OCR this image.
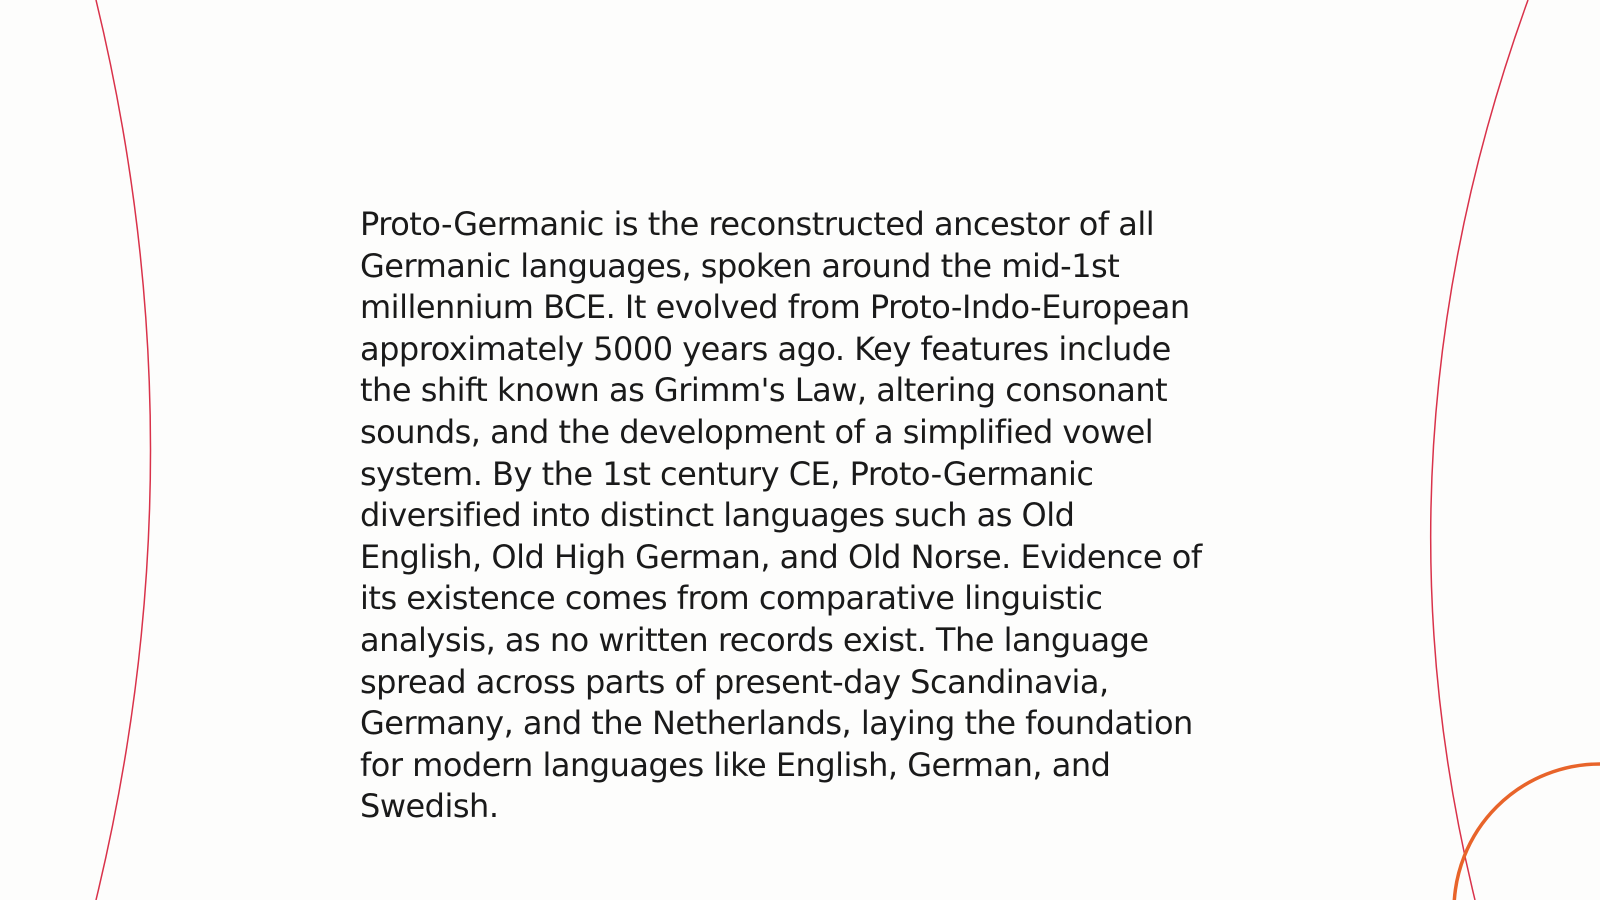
Proto-Germanic is the reconstructed ancestor of all
Germanic languages, spoken around the mid-1st
millennium BCE. It evolved from Proto-Indo-European
approximately 5000 years ago. Key features include
the shift known as Grimm's Law, altering consonant
sounds, and the development of a simplified vowel
system. By the 1st century CE, Proto-Germanic
diversified into distinct languages such as Old
English, Old High German, and Old Norse. Evidence of
its existence comes from comparative linguistic
analysis, as no written records exist. The language
spread across parts of present-day Scandinavia,
Germany, and the Netherlands, laying the foundation
for modern languages like English, German, and
Swedish.
